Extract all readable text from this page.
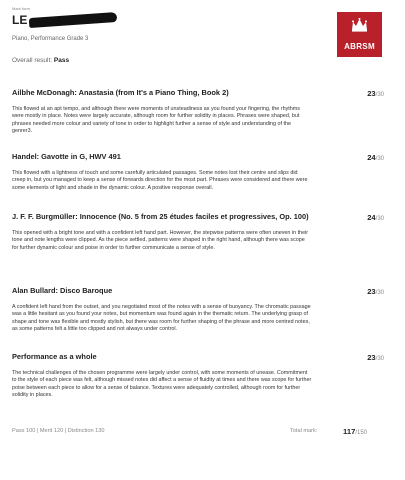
Mark form
LE
Piano, Performance Grade 3
Overall result: Pass
ABRSM
Ailbhe McDonagh: Anastasia (from It's a Piano Thing, Book 2)	23/30
This flowed at an apt tempo, and although there were moments of unsteadiness as you found your fingering, the rhythms were mostly in place. Notes were largely accurate, although room for further solidity in places. Phrases were shaped, but phrases needed more colour and variety of tone in order to highlight further a sense of style and understanding of the genrer3.
Handel: Gavotte in G, HWV 491	24/30
This flowed with a lightness of touch and some carefully articulated passages. Some notes lost their centre and slips did creep in, but you managed to keep a sense of forwards direction for the most part. Phrases were considered and there were some elements of light and shade in the dynamic colour. A positive response overall.
J. F. F. Burgmüller: Innocence (No. 5 from 25 études faciles et progressives, Op. 100)	24/30
This opened with a bright tone and with a confident left hand part. However, the stepwise patterns were often uneven in their tone and note lengths were clipped. As the piece settled, patterns were shaped in the right hand, although there was scope for further dynamic colour and poise in order to further communicate a sense of style.
Alan Bullard: Disco Baroque	23/30
A confident left hand from the outset, and you negotiated most of the notes with a sense of buoyancy. The chromatic passage was a little hesitant as you found your notes, but momentum was found again in the thematic return. The underlying grasp of shape and tone was flexible and mostly stylish, but there was room for further shaping of the phrase and more centred notes, as some patterns felt a little too clipped and not always under control.
Performance as a whole	23/30
The technical challenges of the chosen programme were largely under control, with some moments of unease. Commitment to the style of each piece was felt, although missed notes did affect a sense of fluidity at times and there was scope for further poise between each piece to allow for a sense of balance. Textures were adequately controlled, although room for further solidity in places.
Pass 100 | Merit 120 | Distinction 130	Total mark:	117/150
